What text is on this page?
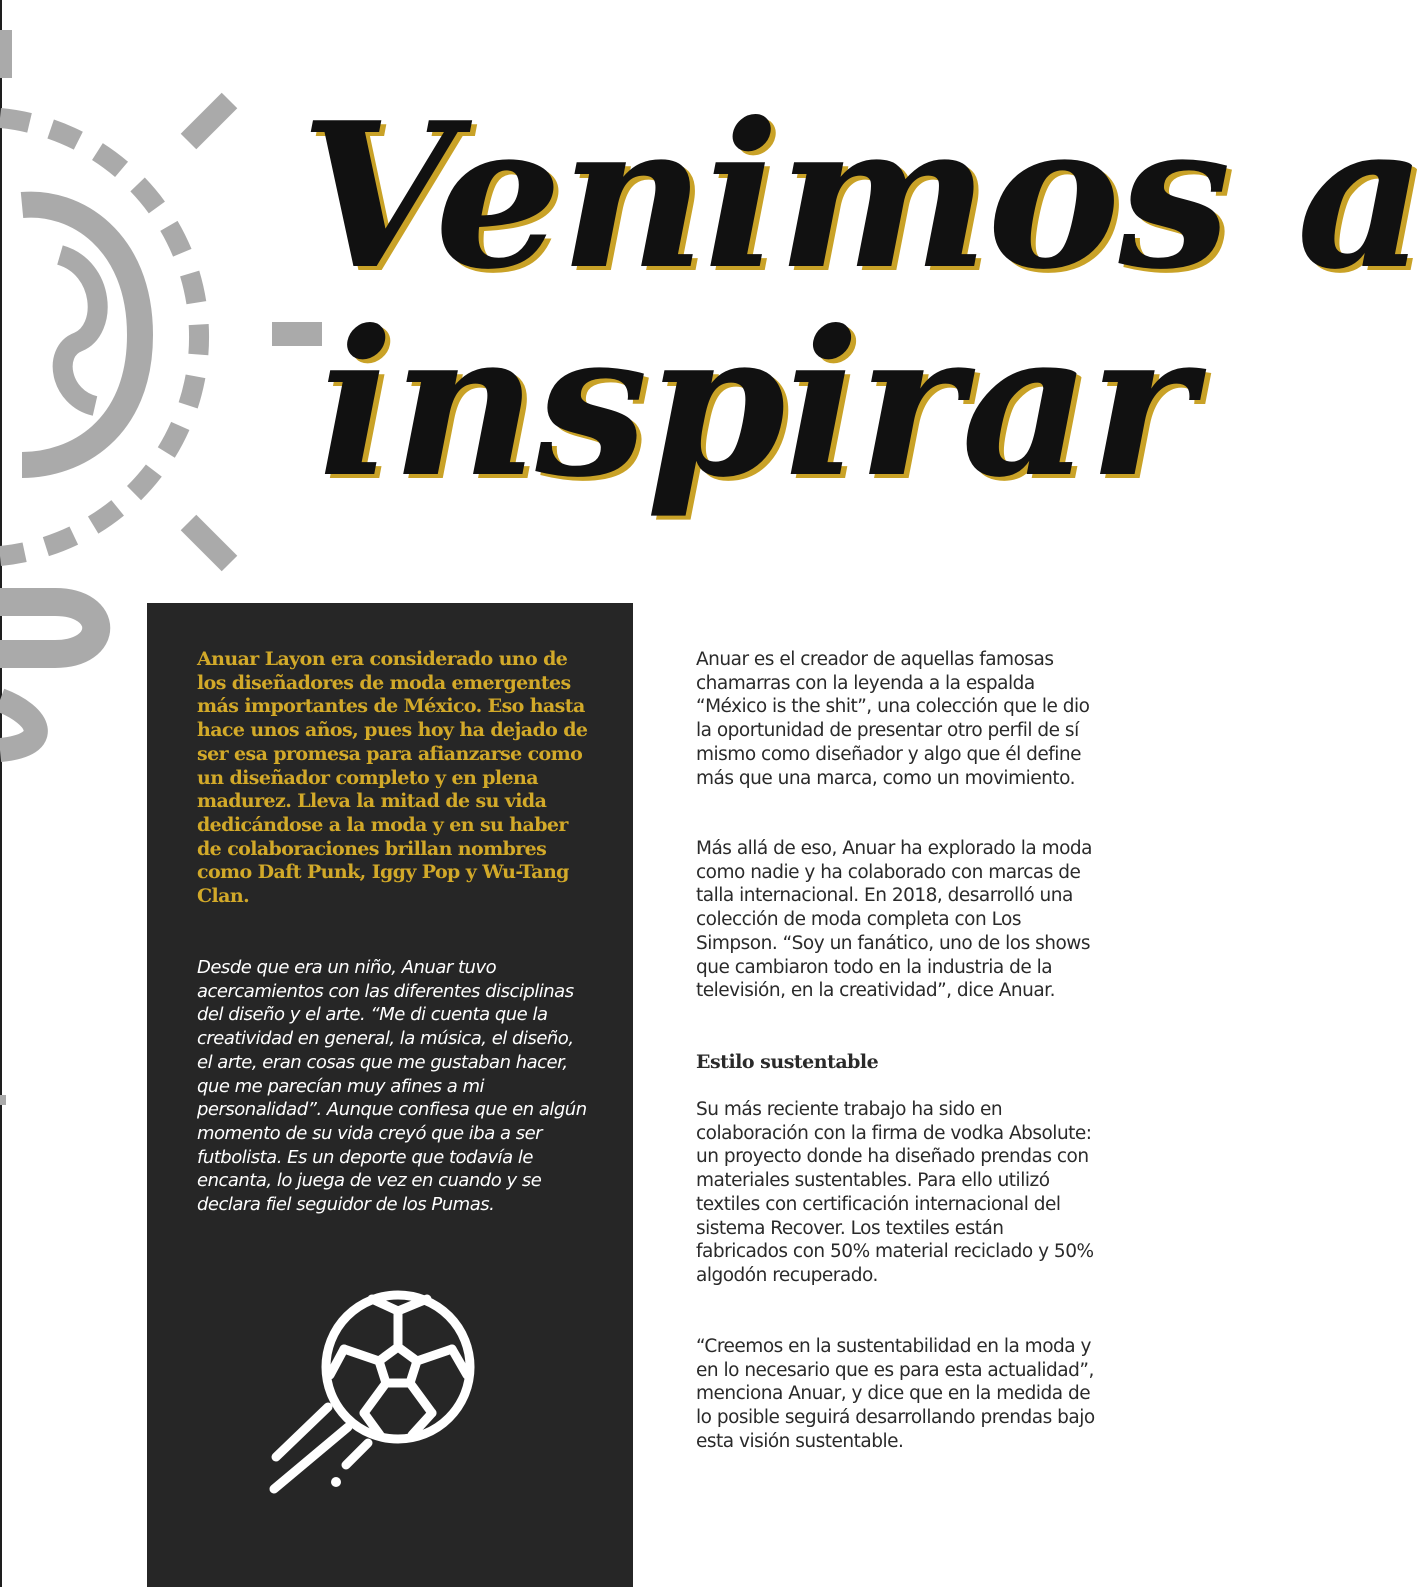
Venimos a
inspirar

Anuar Layon era considerado uno de los diseñadores de moda emergentes más importantes de México. Eso hasta hace unos años, pues hoy ha dejado de ser esa promesa para afianzarse como un diseñador completo y en plena madurez. Lleva la mitad de su vida dedicándose a la moda y en su haber de colaboraciones brillan nombres como Daft Punk, Iggy Pop y Wu-Tang Clan.

Desde que era un niño, Anuar tuvo acercamientos con las diferentes disciplinas del diseño y el arte. “Me di cuenta que la creatividad en general, la música, el diseño, el arte, eran cosas que me gustaban hacer, que me parecían muy afines a mi personalidad”. Aunque confiesa que en algún momento de su vida creyó que iba a ser futbolista. Es un deporte que todavía le encanta, lo juega de vez en cuando y se declara fiel seguidor de los Pumas.

Anuar es el creador de aquellas famosas chamarras con la leyenda a la espalda “México is the shit”, una colección que le dio la oportunidad de presentar otro perfil de sí mismo como diseñador y algo que él define más que una marca, como un movimiento.

Más allá de eso, Anuar ha explorado la moda como nadie y ha colaborado con marcas de talla internacional. En 2018, desarrolló una colección de moda completa con Los Simpson. “Soy un fanático, uno de los shows que cambiaron todo en la industria de la televisión, en la creatividad”, dice Anuar.

Estilo sustentable

Su más reciente trabajo ha sido en colaboración con la firma de vodka Absolute: un proyecto donde ha diseñado prendas con materiales sustentables. Para ello utilizó textiles con certificación internacional del sistema Recover. Los textiles están fabricados con 50% material reciclado y 50% algodón recuperado.

“Creemos en la sustentabilidad en la moda y en lo necesario que es para esta actualidad”, menciona Anuar, y dice que en la medida de lo posible seguirá desarrollando prendas bajo esta visión sustentable.
